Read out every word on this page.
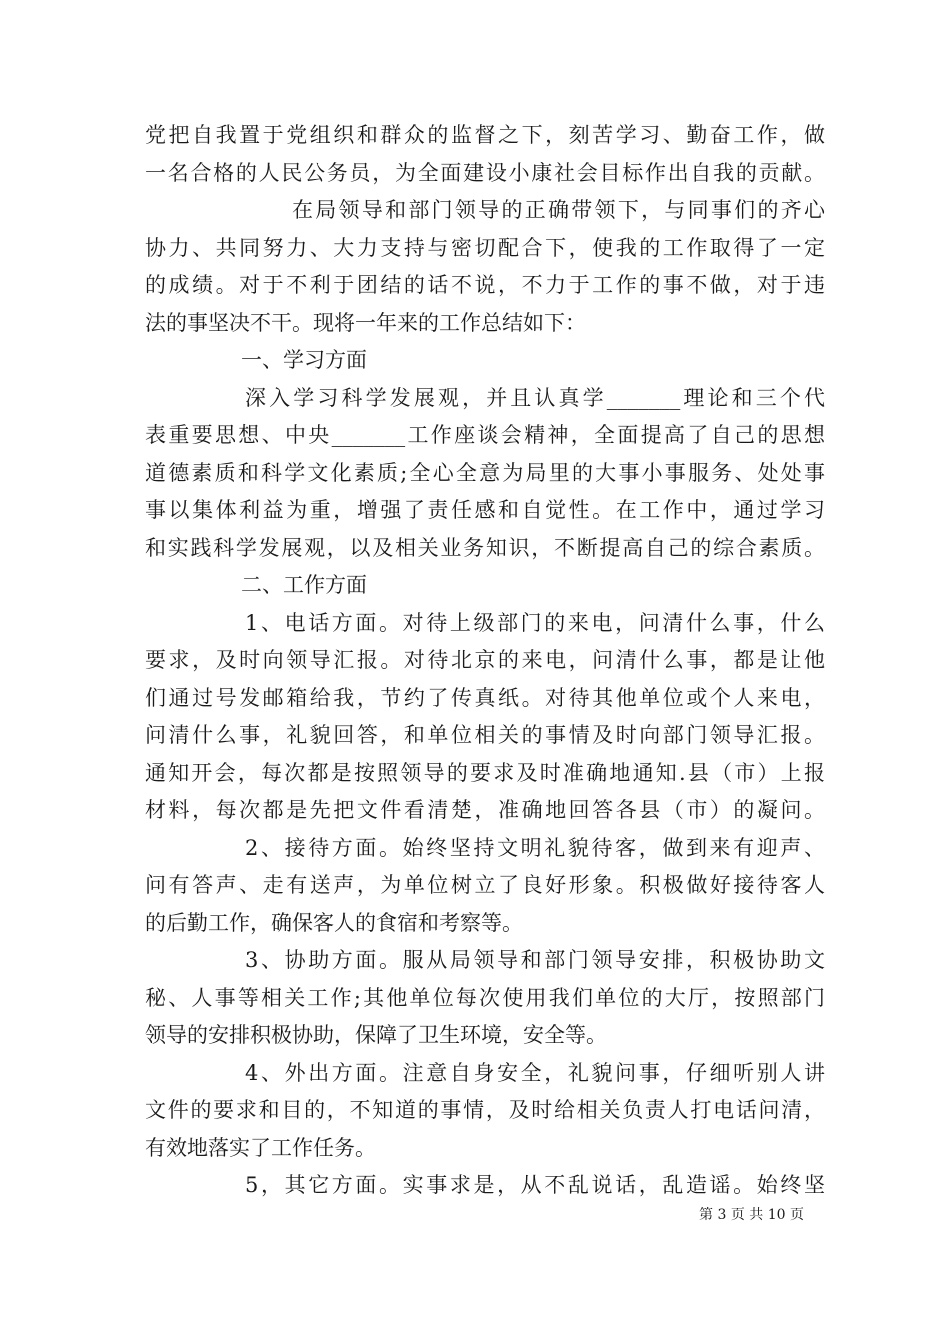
党把自我置于党组织和群众的监督之下，刻苦学习、勤奋工作，做
一名合格的人民公务员，为全面建设小康社会目标作出自我的贡献。
在局领导和部门领导的正确带领下，与同事们的齐心
协力、共同努力、大力支持与密切配合下，使我的工作取得了一定
的成绩。对于不利于团结的话不说，不力于工作的事不做，对于违
法的事坚决不干。现将一年来的工作总结如下：
一、学习方面
深入学习科学发展观，并且认真学_______理论和三个代
表重要思想、中央_______工作座谈会精神，全面提高了自己的思想
道德素质和科学文化素质;全心全意为局里的大事小事服务、处处事
事以集体利益为重，增强了责任感和自觉性。在工作中，通过学习
和实践科学发展观，以及相关业务知识，不断提高自己的综合素质。
二、工作方面
1、电话方面。对待上级部门的来电，问清什么事，什么
要求，及时向领导汇报。对待北京的来电，问清什么事，都是让他
们通过号发邮箱给我，节约了传真纸。对待其他单位或个人来电，
问清什么事，礼貌回答，和单位相关的事情及时向部门领导汇报。
通知开会，每次都是按照领导的要求及时准确地通知.县（市）上报
材料，每次都是先把文件看清楚，准确地回答各县（市）的凝问。
2、接待方面。始终坚持文明礼貌待客，做到来有迎声、
问有答声、走有送声，为单位树立了良好形象。积极做好接待客人
的后勤工作，确保客人的食宿和考察等。
3、协助方面。服从局领导和部门领导安排，积极协助文
秘、人事等相关工作;其他单位每次使用我们单位的大厅，按照部门
领导的安排积极协助，保障了卫生环境，安全等。
4、外出方面。注意自身安全，礼貌问事，仔细听别人讲
文件的要求和目的，不知道的事情，及时给相关负责人打电话问清，
有效地落实了工作任务。
5，其它方面。实事求是，从不乱说话，乱造谣。始终坚
第 3 页 共 10 页
